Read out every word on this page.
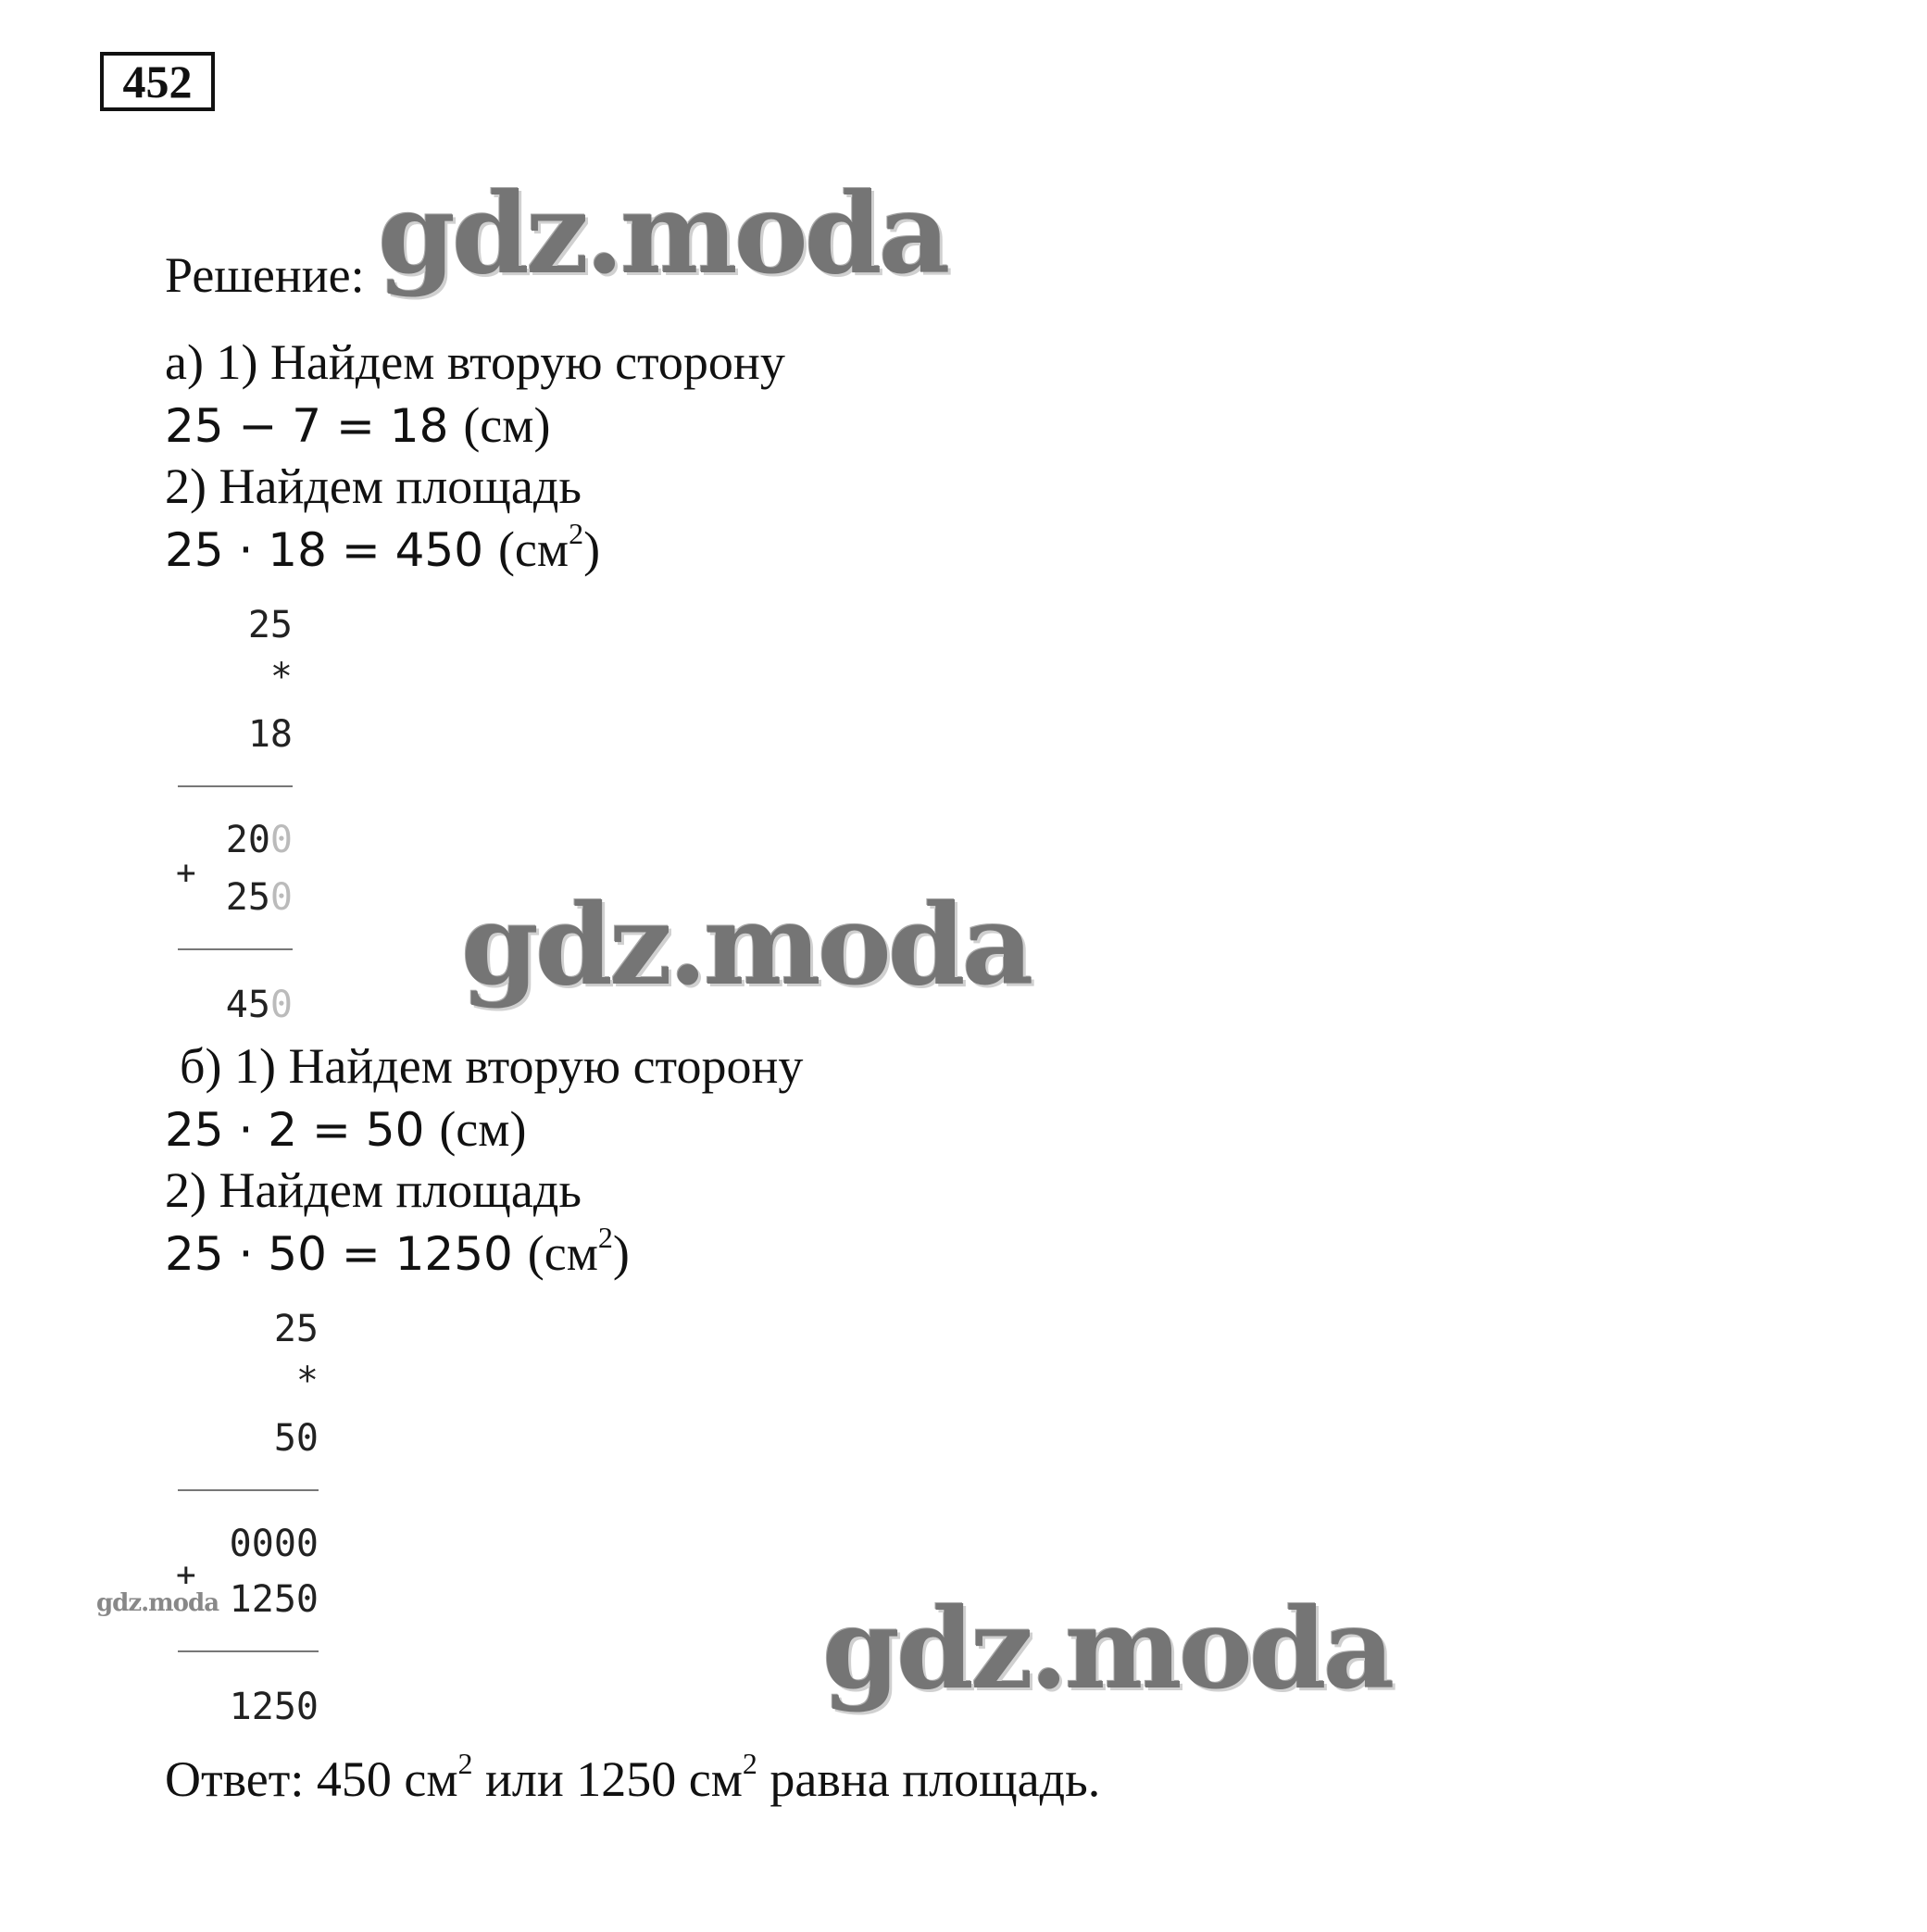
452
Решение:
а) 1) Найдем вторую сторону
25 − 7 = 18 (см)
2) Найдем площадь
25 · 18 = 450 $(см^2)$
25
*
18
200
+
250
450
б) 1) Найдем вторую сторону
25 · 2 = 50 (см)
2) Найдем площадь
25 · 50 = 1250 $(см^2)$
25
*
50
0000
+
1250
1250
Ответ: 450 $см^2$ или 1250 $см^2$ равна площадь.
gdz.moda
gdz.moda
gdz.moda
gdz.moda
